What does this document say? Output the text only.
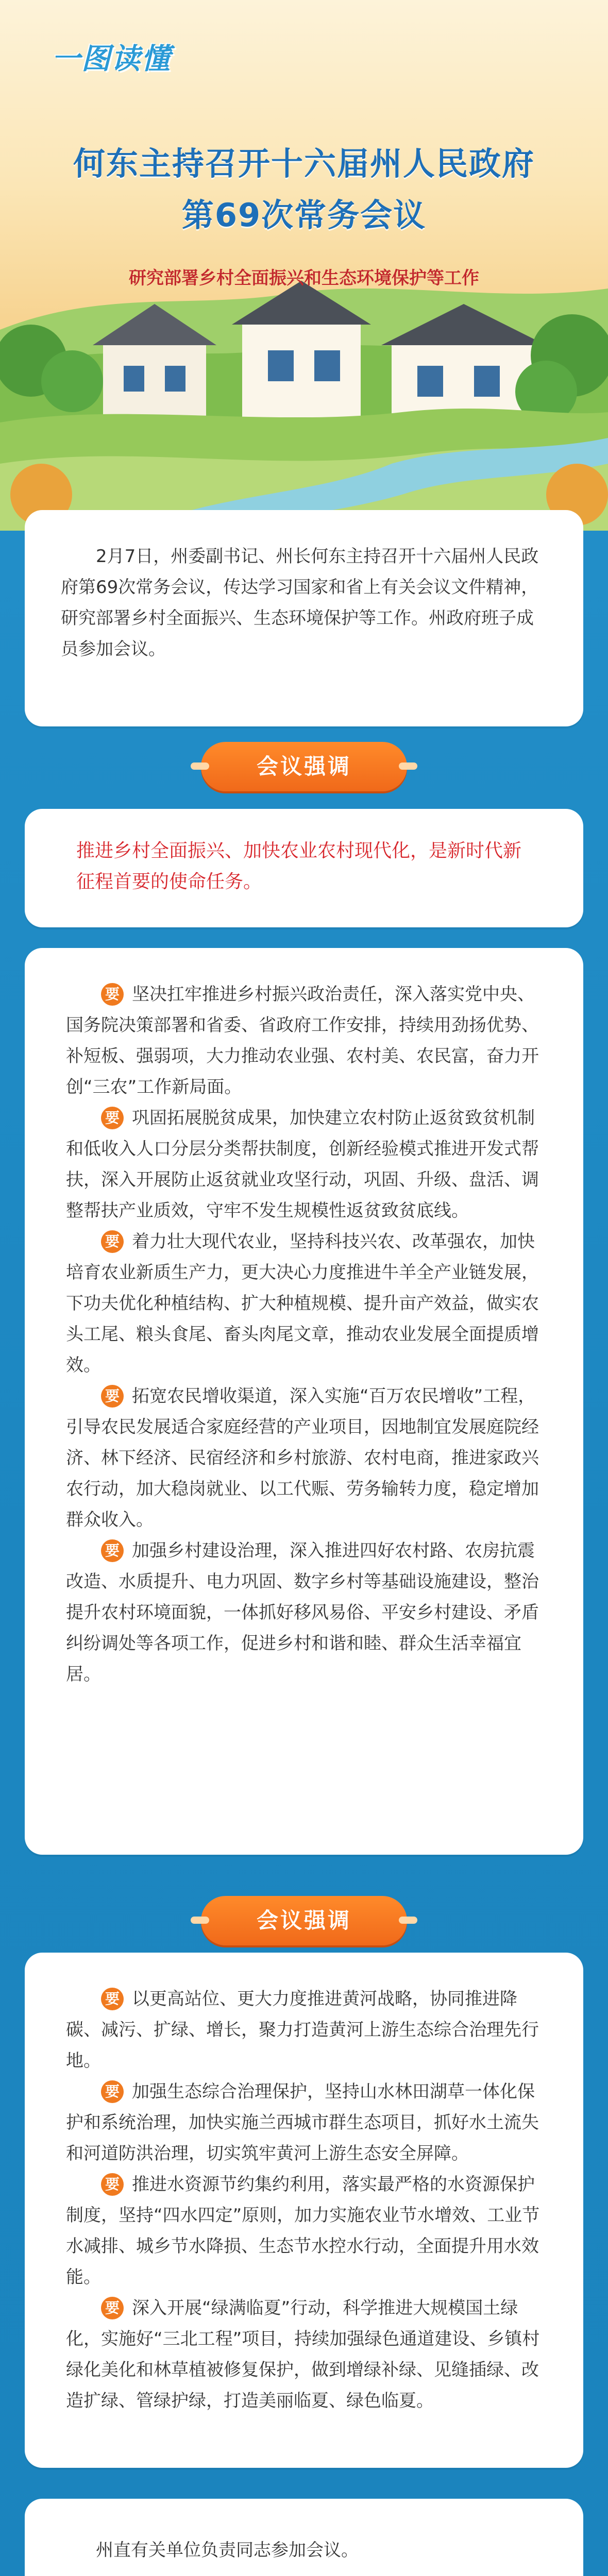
一图读懂
何东主持召开十六届州人民政府
第69次常务会议
研究部署乡村全面振兴和生态环境保护等工作

2月7日，州委副书记、州长何东主持召开十六届州人民政府第69次常务会议，传达学习国家和省上有关会议文件精神，研究部署乡村全面振兴、生态环境保护等工作。州政府班子成员参加会议。

会议强调

推进乡村全面振兴、加快农业农村现代化，是新时代新征程首要的使命任务。

要 坚决扛牢推进乡村振兴政治责任，深入落实党中央、国务院决策部署和省委、省政府工作安排，持续用劲扬优势、补短板、强弱项，大力推动农业强、农村美、农民富，奋力开创“三农”工作新局面。

要 巩固拓展脱贫成果，加快建立农村防止返贫致贫机制和低收入人口分层分类帮扶制度，创新经验模式推进开发式帮扶，深入开展防止返贫就业攻坚行动，巩固、升级、盘活、调整帮扶产业质效，守牢不发生规模性返贫致贫底线。

要 着力壮大现代农业，坚持科技兴农、改革强农，加快培育农业新质生产力，更大决心力度推进牛羊全产业链发展，下功夫优化种植结构、扩大种植规模、提升亩产效益，做实农头工尾、粮头食尾、畜头肉尾文章，推动农业发展全面提质增效。

要 拓宽农民增收渠道，深入实施“百万农民增收”工程，引导农民发展适合家庭经营的产业项目，因地制宜发展庭院经济、林下经济、民宿经济和乡村旅游、农村电商，推进家政兴农行动，加大稳岗就业、以工代赈、劳务输转力度，稳定增加群众收入。

要 加强乡村建设治理，深入推进四好农村路、农房抗震改造、水质提升、电力巩固、数字乡村等基础设施建设，整治提升农村环境面貌，一体抓好移风易俗、平安乡村建设、矛盾纠纷调处等各项工作，促进乡村和谐和睦、群众生活幸福宜居。

会议强调

要 以更高站位、更大力度推进黄河战略，协同推进降碳、减污、扩绿、增长，聚力打造黄河上游生态综合治理先行地。

要 加强生态综合治理保护，坚持山水林田湖草一体化保护和系统治理，加快实施兰西城市群生态项目，抓好水土流失和河道防洪治理，切实筑牢黄河上游生态安全屏障。

要 推进水资源节约集约利用，落实最严格的水资源保护制度，坚持“四水四定”原则，加力实施农业节水增效、工业节水减排、城乡节水降损、生态节水控水行动，全面提升用水效能。

要 深入开展“绿满临夏”行动，科学推进大规模国土绿化，实施好“三北工程”项目，持续加强绿色通道建设、乡镇村绿化美化和林草植被修复保护，做到增绿补绿、见缝插绿、改造扩绿、管绿护绿，打造美丽临夏、绿色临夏。

州直有关单位负责同志参加会议。
